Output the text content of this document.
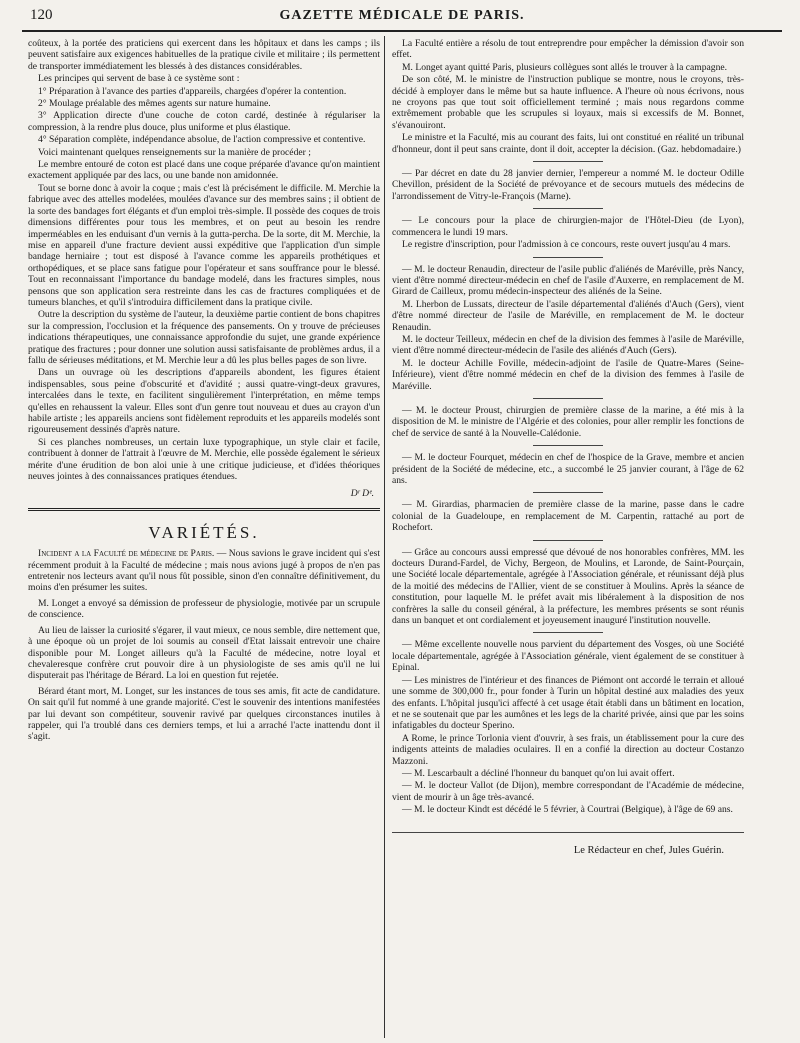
120	GAZETTE MÉDICALE DE PARIS.

coûteux, à la portée des praticiens qui exercent dans les hôpitaux et dans les camps ; ils peuvent satisfaire aux exigences habituelles de la pratique civile et militaire ; ils permettent de transporter immédiatement les blessés à des distances considérables.

Les principes qui servent de base à ce système sont :

1° Préparation à l'avance des parties d'appareils, chargées d'opérer la contention.

2° Moulage préalable des mêmes agents sur nature humaine.

3° Application directe d'une couche de coton cardé, destinée à régulariser la compression, à la rendre plus douce, plus uniforme et plus élastique.

4° Séparation complète, indépendance absolue, de l'action compressive et contentive.

Voici maintenant quelques renseignements sur la manière de procéder ;

Le membre entouré de coton est placé dans une coque préparée d'avance qu'on maintient exactement appliquée par des lacs, ou une bande non amidonnée.

Tout se borne donc à avoir la coque ; mais c'est là précisément le difficile. M. Merchie la fabrique avec des attelles modelées, moulées d'avance sur des membres sains ; il obtient de la sorte des bandages fort élégants et d'un emploi très-simple. Il possède des coques de trois dimensions différentes pour tous les membres, et on peut au besoin les rendre imperméables en les enduisant d'un vernis à la gutta-percha. De la sorte, dit M. Merchie, la mise en appareil d'une fracture devient aussi expéditive que l'application d'un simple bandage herniaire ; tout est disposé à l'avance comme les appareils prothétiques et orthopédiques, et se place sans fatigue pour l'opérateur et sans souffrance pour le blessé. Tout en reconnaissant l'importance du bandage modelé, dans les fractures simples, nous pensons que son application sera restreinte dans les cas de fractures compliquées et de tumeurs blanches, et qu'il s'introduira difficilement dans la pratique civile.

Outre la description du système de l'auteur, la deuxième partie contient de bons chapitres sur la compression, l'occlusion et la fréquence des pansements. On y trouve de précieuses indications thérapeutiques, une connaissance approfondie du sujet, une grande expérience pratique des fractures ; pour donner une solution aussi satisfaisante de problèmes ardus, il a fallu de sérieuses méditations, et M. Merchie leur a dû les plus belles pages de son livre.

Dans un ouvrage où les descriptions d'appareils abondent, les figures étaient indispensables, sous peine d'obscurité et d'avidité ; aussi quatre-vingt-deux gravures, intercalées dans le texte, en facilitent singulièrement l'interprétation, en même temps qu'elles en rehaussent la valeur. Elles sont d'un genre tout nouveau et dues au crayon d'un habile artiste ; les appareils anciens sont fidèlement reproduits et les appareils modelés sont rigoureusement dessinés d'après nature.

Si ces planches nombreuses, un certain luxe typographique, un style clair et facile, contribuent à donner de l'attrait à l'œuvre de M. Merchie, elle possède également le sérieux mérite d'une érudition de bon aloi unie à une critique judicieuse, et d'idées théoriques neuves jointes à des connaissances pratiques étendues.

Dʳ Dᵉ.
VARIÉTÉS.

Incident a la Faculté de médecine de Paris. — Nous savions le grave incident qui s'est récemment produit à la Faculté de médecine ; mais nous avions jugé à propos de n'en pas entretenir nos lecteurs avant qu'il nous fût possible, sinon d'en connaître définitivement, du moins d'en présumer les suites.

M. Longet a envoyé sa démission de professeur de physiologie, motivée par un scrupule de conscience.

Au lieu de laisser la curiosité s'égarer, il vaut mieux, ce nous semble, dire nettement que, à une époque où un projet de loi soumis au conseil d'Etat laissait entrevoir une chaire disponible pour M. Longet ailleurs qu'à la Faculté de médecine, notre loyal et chevaleresque confrère crut pouvoir dire à un physiologiste de ses amis qu'il ne lui disputerait pas l'héritage de Bérard. La loi en question fut rejetée.

Bérard étant mort, M. Longet, sur les instances de tous ses amis, fit acte de candidature. On sait qu'il fut nommé à une grande majorité. C'est le souvenir des intentions manifestées par lui devant son compétiteur, souvenir ravivé par quelques circonstances inutiles à rappeler, qui l'a troublé dans ces derniers temps, et lui a arraché l'acte inattendu dont il s'agit.

La Faculté entière a résolu de tout entreprendre pour empêcher la démission d'avoir son effet.

M. Longet ayant quitté Paris, plusieurs collègues sont allés le trouver à la campagne.

De son côté, M. le ministre de l'instruction publique se montre, nous le croyons, très-décidé à employer dans le même but sa haute influence. A l'heure où nous écrivons, nous ne croyons pas que tout soit officiellement terminé ; mais nous regardons comme extrêmement probable que les scrupules si loyaux, mais si excessifs de M. Bonnet, s'évanouiront.

Le ministre et la Faculté, mis au courant des faits, lui ont constitué en réalité un tribunal d'honneur, dont il peut sans crainte, dont il doit, accepter la décision. (Gaz. hebdomadaire.)

— Par décret en date du 28 janvier dernier, l'empereur a nommé M. le docteur Odille Chevillon, président de la Société de prévoyance et de secours mutuels des médecins de l'arrondissement de Vitry-le-François (Marne).

— Le concours pour la place de chirurgien-major de l'Hôtel-Dieu (de Lyon), commencera le lundi 19 mars.

Le registre d'inscription, pour l'admission à ce concours, reste ouvert jusqu'au 4 mars.

— M. le docteur Renaudin, directeur de l'asile public d'aliénés de Maréville, près Nancy, vient d'être nommé directeur-médecin en chef de l'asile d'Auxerre, en remplacement de M. Girard de Cailleux, promu médecin-inspecteur des aliénés de la Seine.

M. Lherbon de Lussats, directeur de l'asile départemental d'aliénés d'Auch (Gers), vient d'être nommé directeur de l'asile de Maréville, en remplacement de M. le docteur Renaudin.

M. le docteur Teilleux, médecin en chef de la division des femmes à l'asile de Maréville, vient d'être nommé directeur-médecin de l'asile des aliénés d'Auch (Gers).

M. le docteur Achille Foville, médecin-adjoint de l'asile de Quatre-Mares (Seine-Inférieure), vient d'être nommé médecin en chef de la division des femmes à l'asile de Maréville.

— M. le docteur Proust, chirurgien de première classe de la marine, a été mis à la disposition de M. le ministre de l'Algérie et des colonies, pour aller remplir les fonctions de chef de service de santé à la Nouvelle-Calédonie.

— M. le docteur Fourquet, médecin en chef de l'hospice de la Grave, membre et ancien président de la Société de médecine, etc., a succombé le 25 janvier courant, à l'âge de 62 ans.

— M. Girardias, pharmacien de première classe de la marine, passe dans le cadre colonial de la Guadeloupe, en remplacement de M. Carpentin, rattaché au port de Rochefort.

— Grâce au concours aussi empressé que dévoué de nos honorables confrères, MM. les docteurs Durand-Fardel, de Vichy, Bergeon, de Moulins, et Laronde, de Saint-Pourçain, une Société locale départementale, agrégée à l'Association générale, et réunissant déjà plus de la moitié des médecins de l'Allier, vient de se constituer à Moulins. Après la séance de constitution, pour laquelle M. le préfet avait mis libéralement à la disposition de nos confrères la salle du conseil général, à la préfecture, les membres présents se sont réunis dans un banquet et ont cordialement et joyeusement inauguré l'institution nouvelle.

— Même excellente nouvelle nous parvient du département des Vosges, où une Société locale départementale, agrégée à l'Association générale, vient également de se constituer à Epinal.

— Les ministres de l'intérieur et des finances de Piémont ont accordé le terrain et alloué une somme de 300,000 fr., pour fonder à Turin un hôpital destiné aux maladies des yeux des enfants. L'hôpital jusqu'ici affecté à cet usage était établi dans un bâtiment en location, et ne se soutenait que par les aumônes et les legs de la charité privée, ainsi que par les soins infatigables du docteur Sperino.

A Rome, le prince Torlonia vient d'ouvrir, à ses frais, un établissement pour la cure des indigents atteints de maladies oculaires. Il en a confié la direction au docteur Costanzo Mazzoni.

— M. Lescarbault a décliné l'honneur du banquet qu'on lui avait offert.

— M. le docteur Vallot (de Dijon), membre correspondant de l'Académie de médecine, vient de mourir à un âge très-avancé.

— M. le docteur Kindt est décédé le 5 février, à Courtrai (Belgique), à l'âge de 69 ans.

Le Rédacteur en chef, Jules Guérin.
